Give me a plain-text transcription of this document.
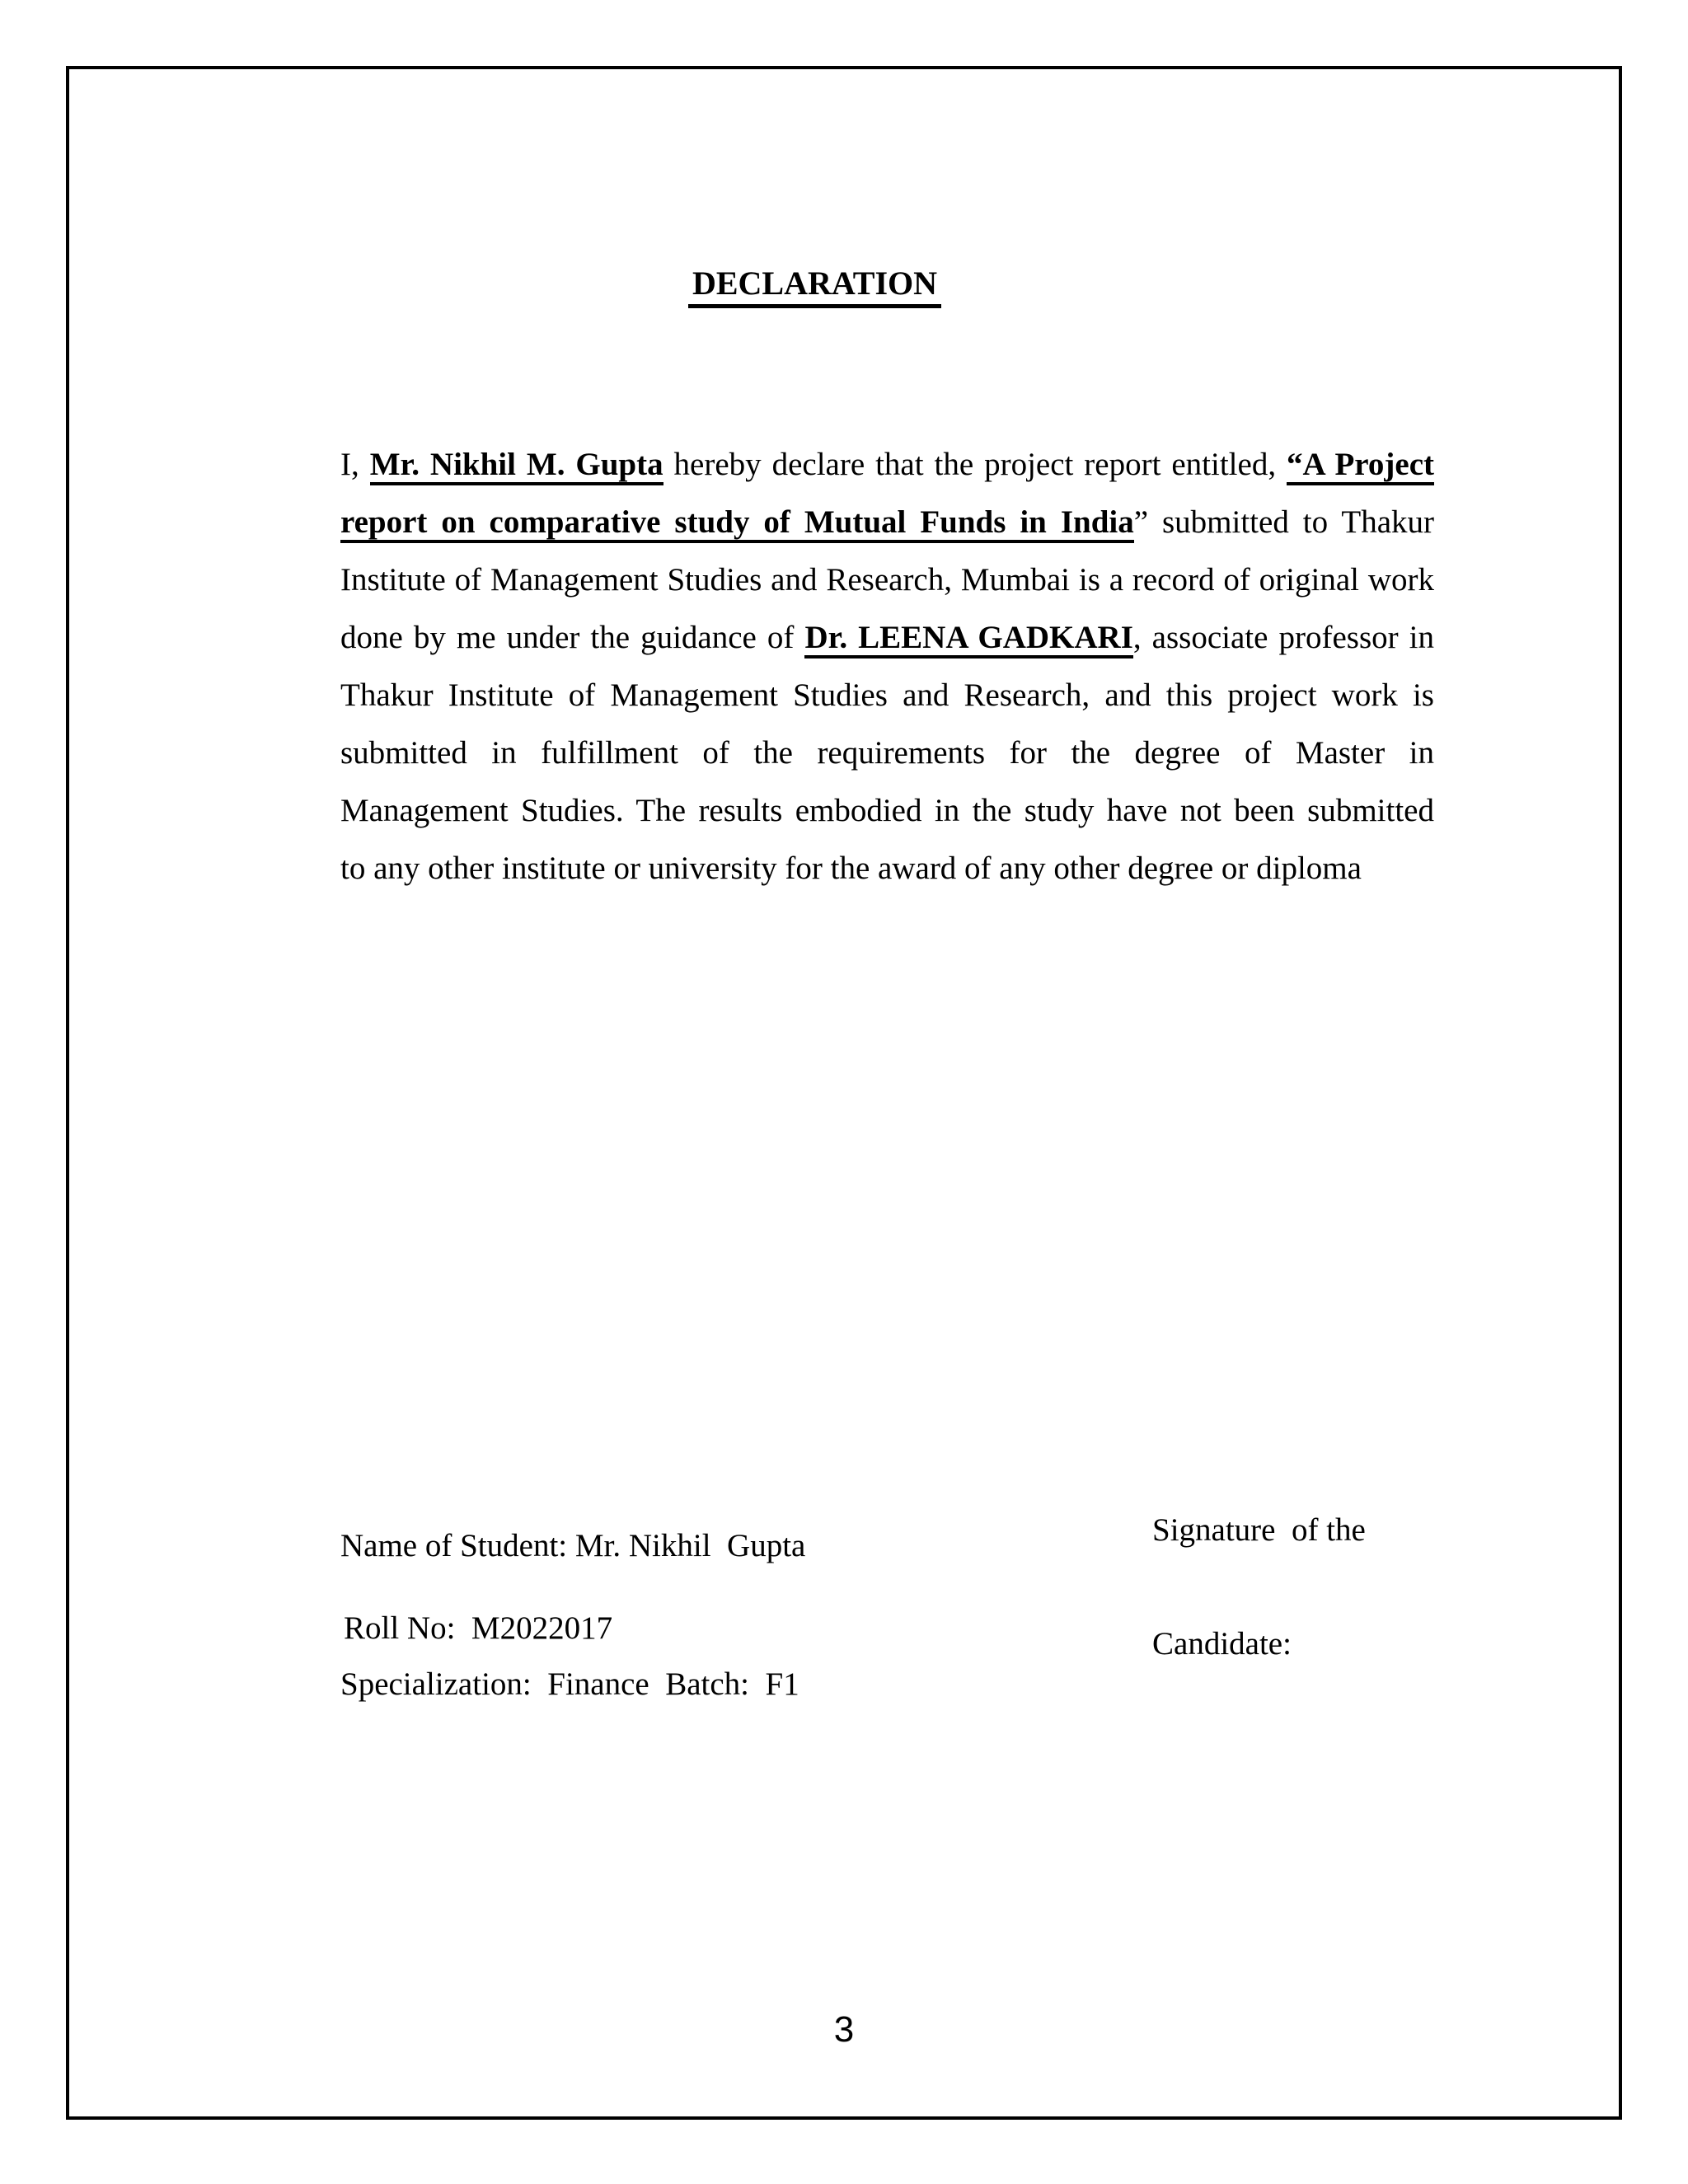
DECLARATION
I, Mr. Nikhil M. Gupta hereby declare that the project report entitled, “A Project
report on comparative study of Mutual Funds in India” submitted to Thakur
Institute of Management Studies and Research, Mumbai is a record of original work
done by me under the guidance of Dr. LEENA GADKARI, associate professor in
Thakur Institute of Management Studies and Research, and this project work is
submitted in fulfillment of the requirements for the degree of Master in
Management Studies. The results embodied in the study have not been submitted
to any other institute or university for the award of any other degree or diploma

Signature  of the

Candidate:

Name of Student: Mr. Nikhil  Gupta
Roll No:  M2022017
Specialization:  Finance  Batch:  F1
3
